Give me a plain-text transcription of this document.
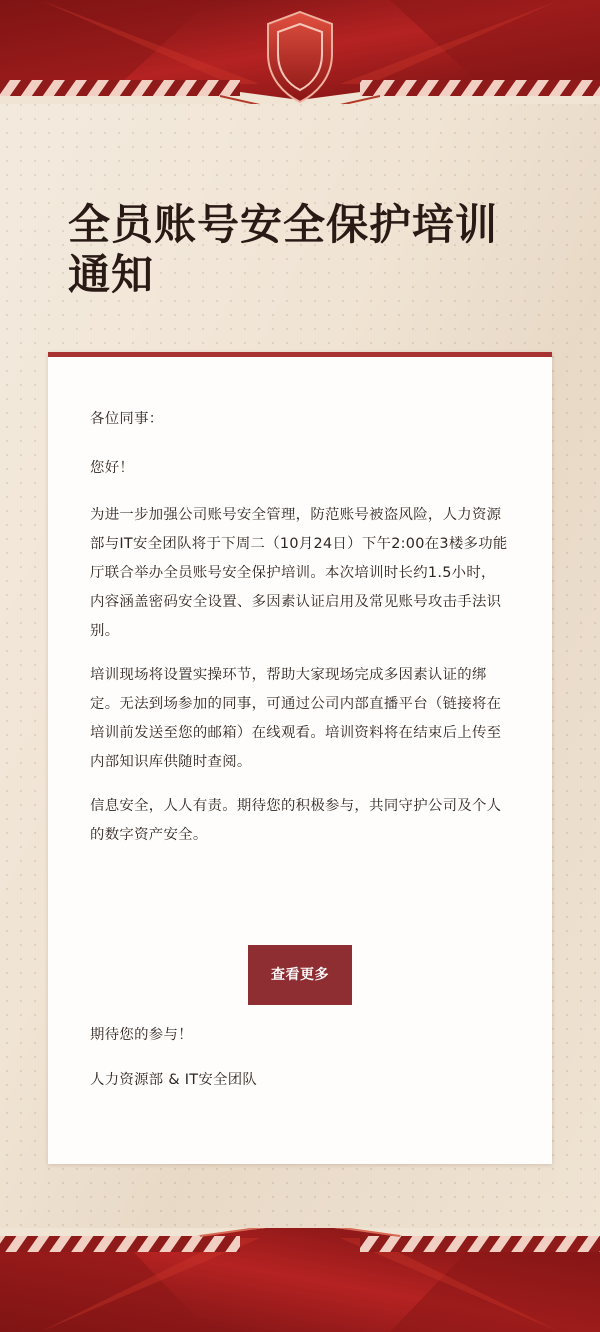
全员账号安全保护培训通知

各位同事：

您好！

为进一步加强公司账号安全管理，防范账号被盗风险，人力资源部与IT安全团队将于下周二（10月24日）下午2:00在3楼多功能厅联合举办全员账号安全保护培训。本次培训时长约1.5小时，内容涵盖密码安全设置、多因素认证启用及常见账号攻击手法识别。

培训现场将设置实操环节，帮助大家现场完成多因素认证的绑定。无法到场参加的同事，可通过公司内部直播平台（链接将在培训前发送至您的邮箱）在线观看。培训资料将在结束后上传至内部知识库供随时查阅。

信息安全，人人有责。期待您的积极参与，共同守护公司及个人的数字资产安全。

查看更多

期待您的参与！

人力资源部 & IT安全团队
